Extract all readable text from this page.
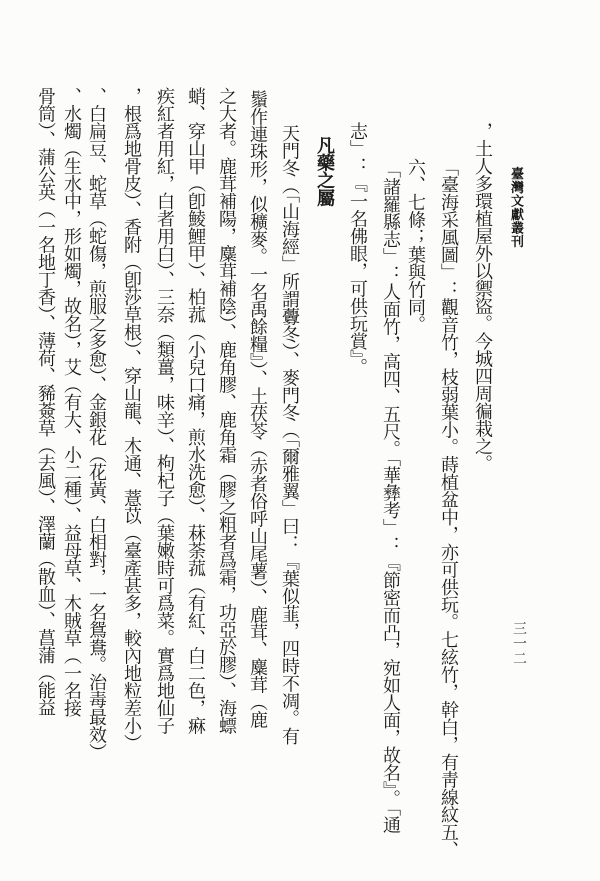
臺灣文獻叢刊
三一二
，土人多環植屋外以禦盜。今城四周徧栽之。
「臺海采風圖」：觀音竹，枝弱葉小。蒔植盆中，亦可供玩。七絃竹，幹白，有靑線紋五、
六、七條；葉與竹同。
「諸羅縣志」：人面竹，高四、五尺。「華彝考」：『節密而凸，宛如人面，故名』。「通
志」：『一名佛眼，可供玩賞』。
凡藥之屬
天門冬（「山海經」所謂虋冬）、麥門冬（「爾雅翼」曰：『葉似韮，四時不凋。有
鬚作連珠形，似穬麥。一名禹餘糧』）、土茯苓（赤者俗呼山尾薯）、鹿茸、麋茸（鹿
之大者。鹿茸補陽，麋茸補陰）、鹿角膠、鹿角霜（膠之粗者爲霜，功亞於膠）、海螵
蛸、穿山甲（卽鯪鯉甲）、柏菰（小兒口痛，煎水洗愈）、菻荼菰（有紅、白二色，痳
疾紅者用紅，白者用白）、三奈（類薑，味辛）、枸杞子（葉嫩時可爲菜。實爲地仙子
，根爲地骨皮）、香附（卽莎草根）、穿山龍、木通、薏苡（臺產甚多，較內地粒差小）
、白扁豆、蛇草（蛇傷，煎服之多愈）、金銀花（花黃、白相對，一名鴛鴦。治毒最效）
、水燭（生水中，形如燭，故名），艾（有大、小二種）、益母草、木賊草（一名接
骨筒）、蒲公英（一名地丁香）、薄荷、豨薟草（去風）、澤蘭（散血）、菖蒲（能益
